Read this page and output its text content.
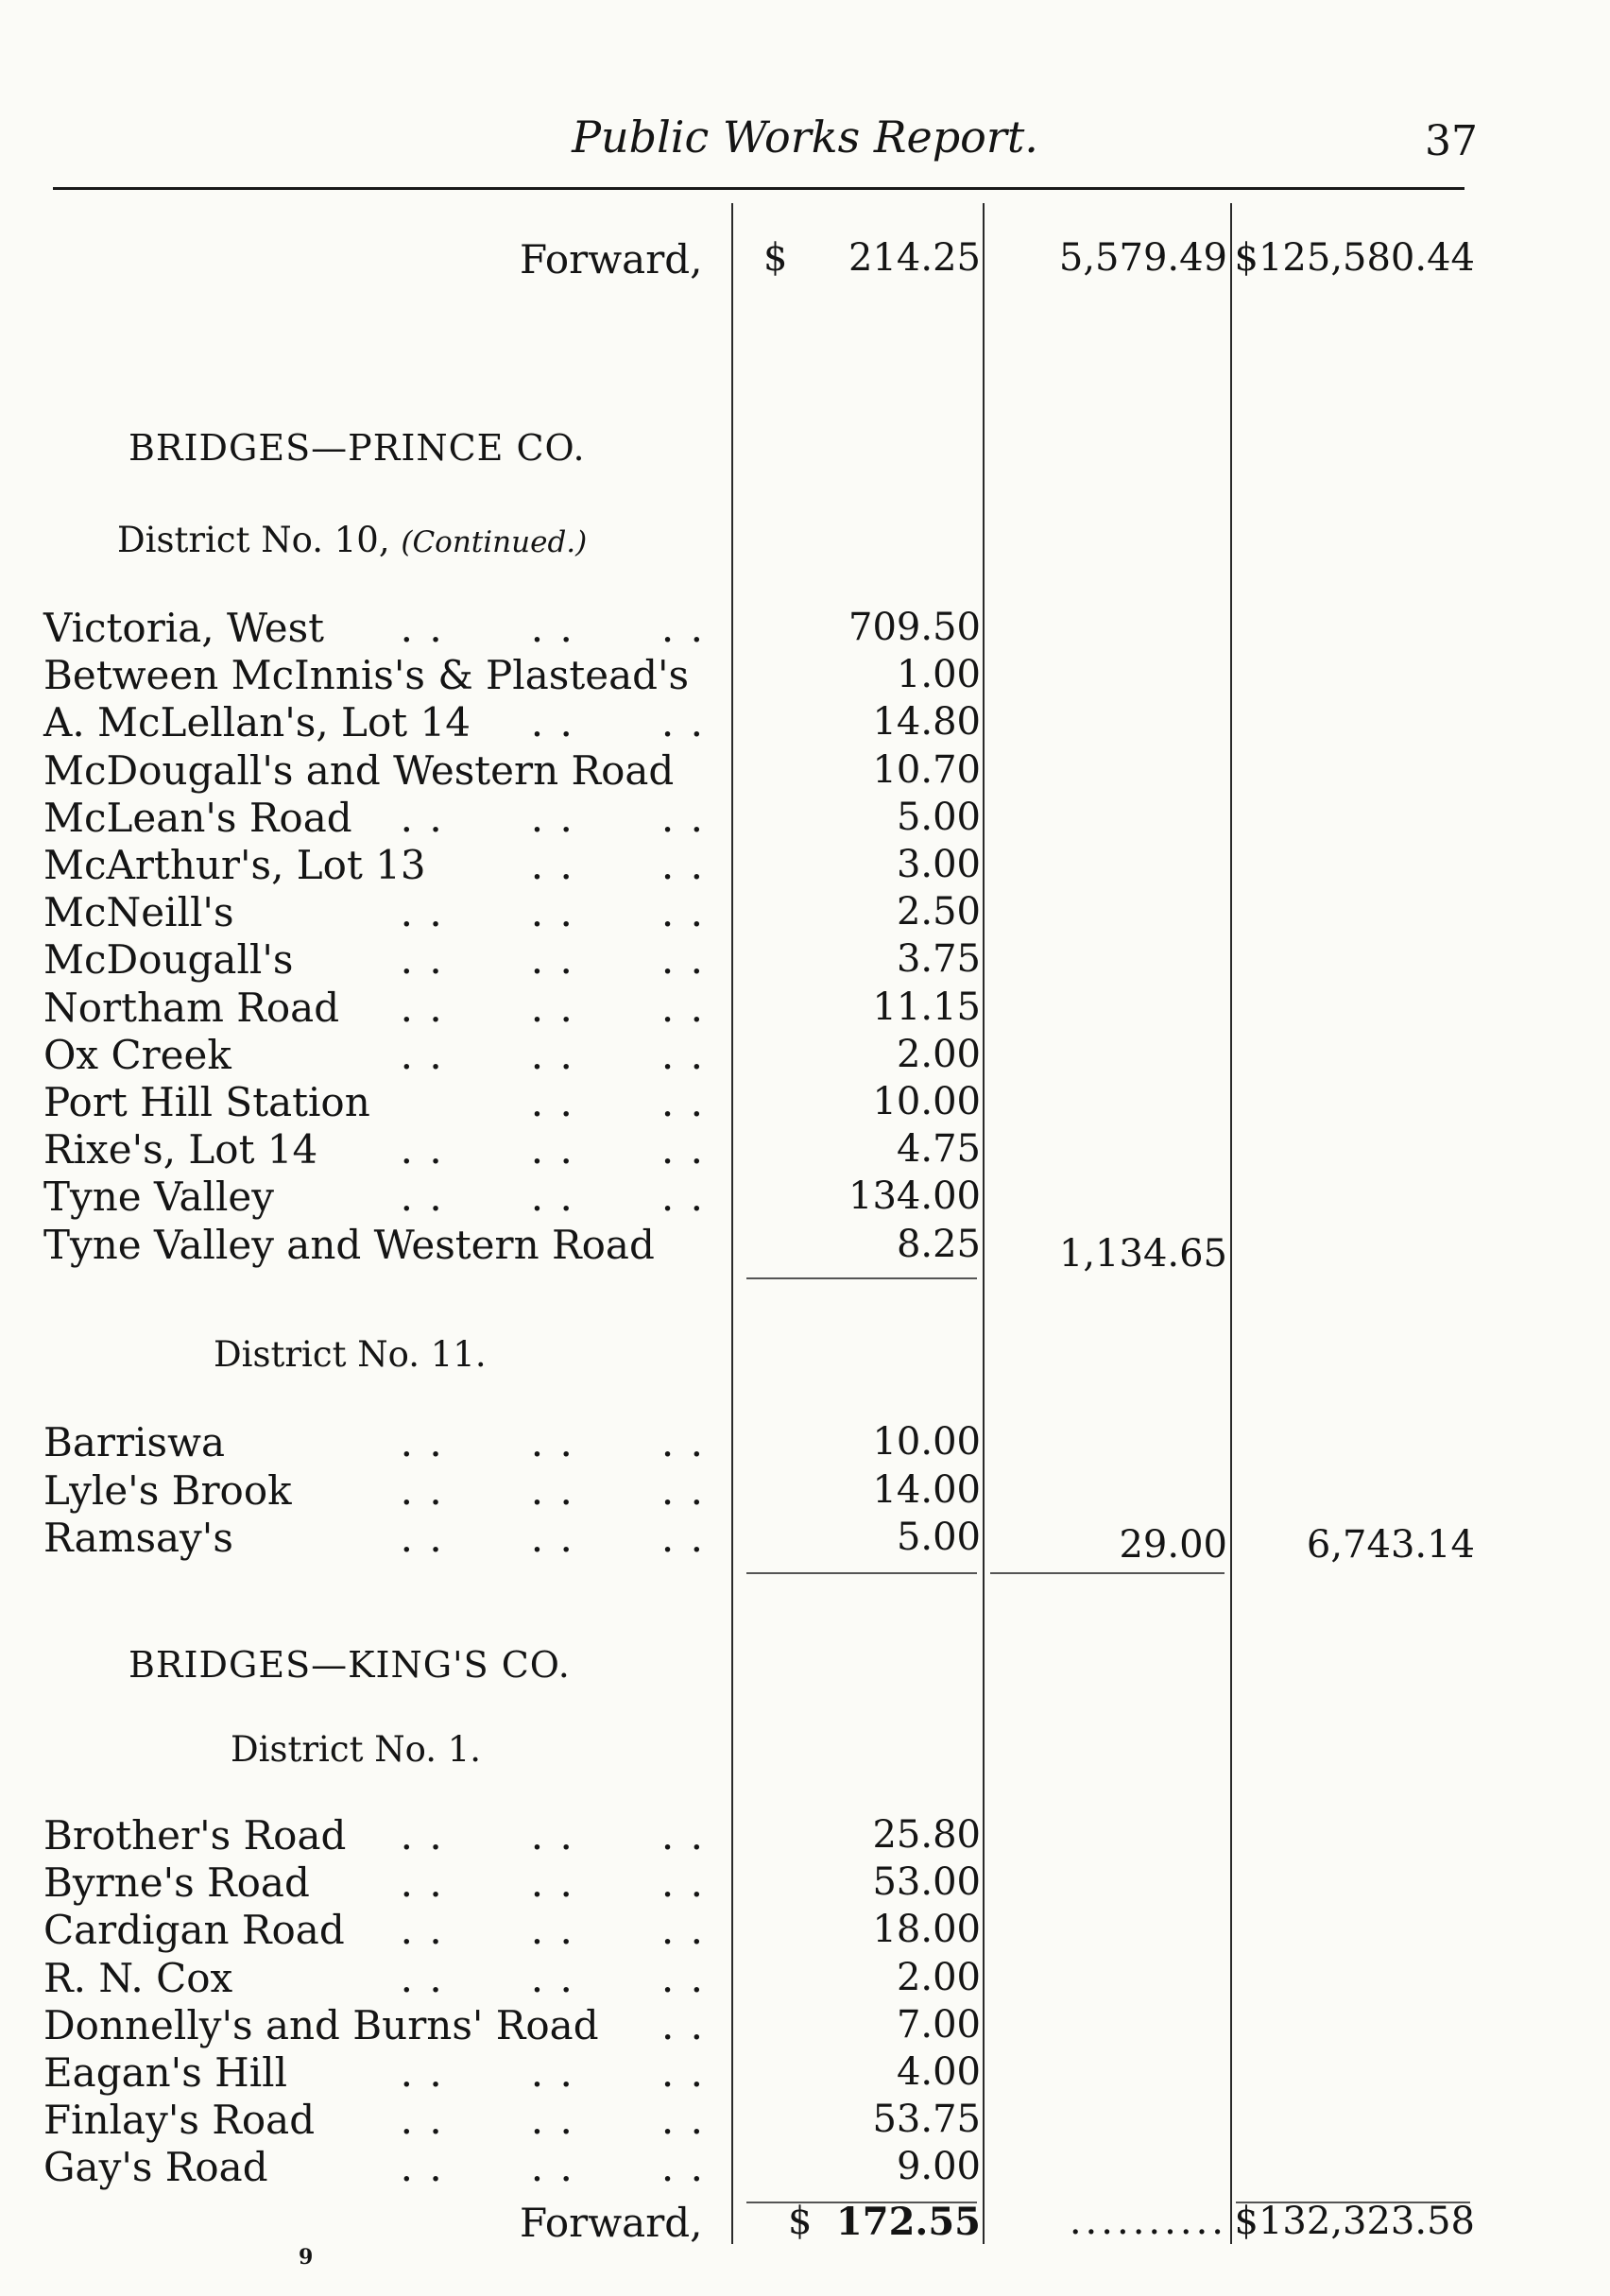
Public Works Report.	37
Forward, $ 214.25 5,579.49 $125,580.44
BRIDGES—PRINCE CO.
District No. 10, (Continued.)
Victoria, West . .      . .      . .	709.50
Between McInnis's & Plastead's	1.00
A. McLellan's, Lot 14 . .      . .	14.80
McDougall's and Western Road	10.70
McLean's Road . .      . .      . .	5.00
McArthur's, Lot 13	. .      . .	3.00
McNeill's	. .      . .      . .	2.50
McDougall's	. .      . .      . .	3.75
Northam Road . .      . .      . .	11.15
Ox Creek	. .      . .      . .	2.00
Port Hill Station	. .      . .	10.00
Rixe's, Lot 14 . .      . .      . .	4.75
Tyne Valley	. .      . .      . .	134.00
Tyne Valley and Western Road	8.25 1,134.65
District No. 11.
Barriswa	. .      . .      . .	10.00
Lyle's Brook	. .      . .      . .	14.00
Ramsay's	. .      . .      . .	5.00	29.00 6,743.14
BRIDGES—KING'S CO.
District No. 1.
Brother's Road . .      . .      . .	25.80
Byrne's Road . .      . .      . .	53.00
Cardigan Road . .      . .      . .	18.00
R. N. Cox	. .      . .      . .	2.00
Donnelly's and Burns' Road . .	7.00
Eagan's Hill	. .      . .      . .	4.00
Finlay's Road . .      . .      . .	53.75
Gay's Road	. .      . .      . .	9.00
Forward, $ 172.55 .......... $132,323.58
9
